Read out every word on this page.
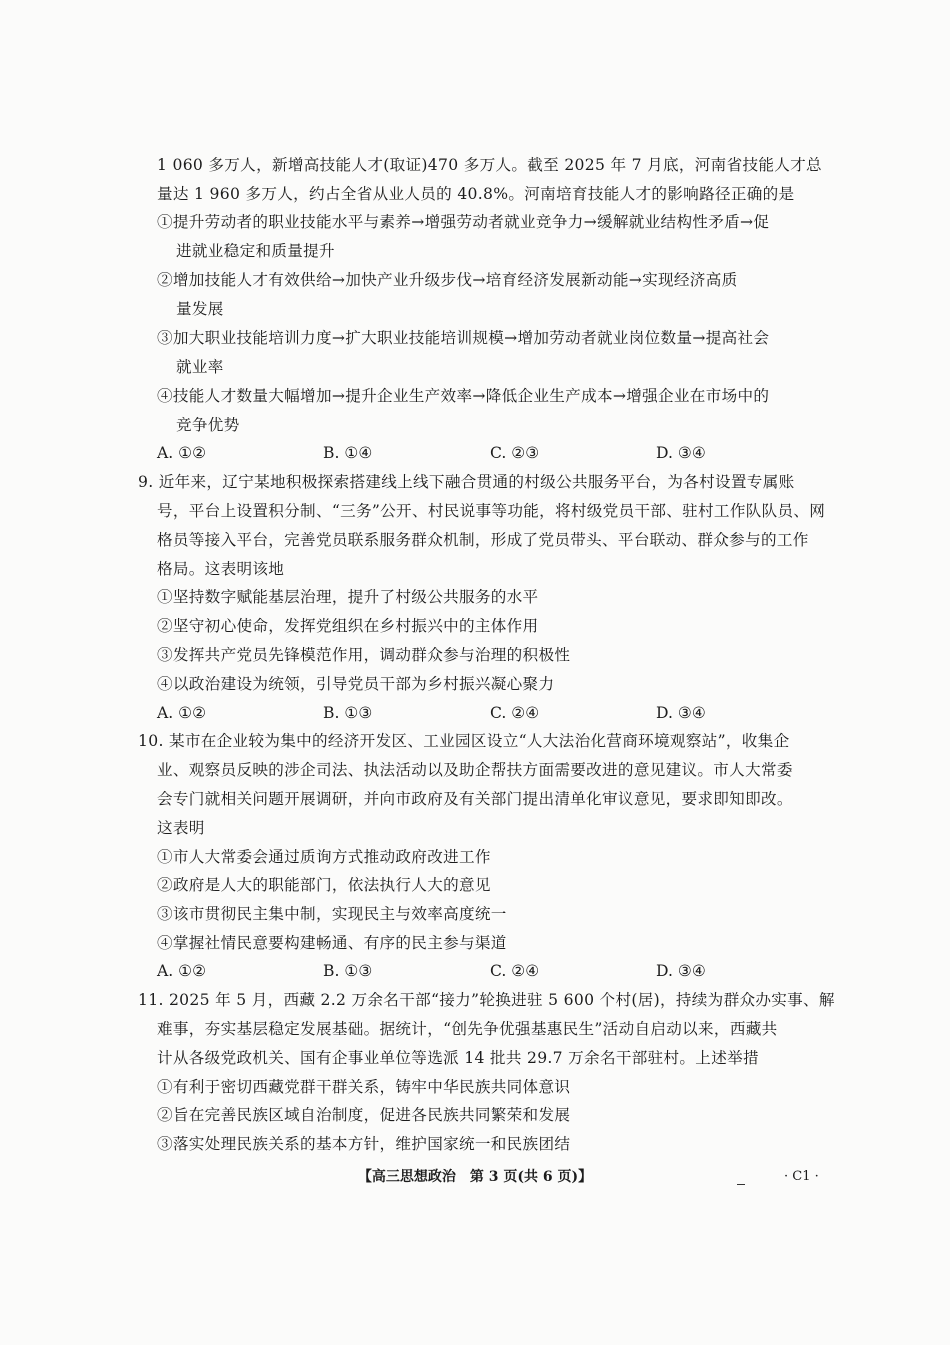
1 060 多万人，新增高技能人才(取证)470 多万人。截至 2025 年 7 月底，河南省技能人才总
量达 1 960 多万人，约占全省从业人员的 40.8%。河南培育技能人才的影响路径正确的是
①提升劳动者的职业技能水平与素养→增强劳动者就业竞争力→缓解就业结构性矛盾→促
进就业稳定和质量提升
②增加技能人才有效供给→加快产业升级步伐→培育经济发展新动能→实现经济高质
量发展
③加大职业技能培训力度→扩大职业技能培训规模→增加劳动者就业岗位数量→提高社会
就业率
④技能人才数量大幅增加→提升企业生产效率→降低企业生产成本→增强企业在市场中的
竞争优势
A. ①②	B. ①④	C. ②③	D. ③④
9. 近年来，辽宁某地积极探索搭建线上线下融合贯通的村级公共服务平台，为各村设置专属账
号，平台上设置积分制、“三务”公开、村民说事等功能，将村级党员干部、驻村工作队队员、网
格员等接入平台，完善党员联系服务群众机制，形成了党员带头、平台联动、群众参与的工作
格局。这表明该地
①坚持数字赋能基层治理，提升了村级公共服务的水平
②坚守初心使命，发挥党组织在乡村振兴中的主体作用
③发挥共产党员先锋模范作用，调动群众参与治理的积极性
④以政治建设为统领，引导党员干部为乡村振兴凝心聚力
A. ①②	B. ①③	C. ②④	D. ③④
10. 某市在企业较为集中的经济开发区、工业园区设立“人大法治化营商环境观察站”，收集企
业、观察员反映的涉企司法、执法活动以及助企帮扶方面需要改进的意见建议。市人大常委
会专门就相关问题开展调研，并向市政府及有关部门提出清单化审议意见，要求即知即改。
这表明
①市人大常委会通过质询方式推动政府改进工作
②政府是人大的职能部门，依法执行人大的意见
③该市贯彻民主集中制，实现民主与效率高度统一
④掌握社情民意要构建畅通、有序的民主参与渠道
A. ①②	B. ①③	C. ②④	D. ③④
11. 2025 年 5 月，西藏 2.2 万余名干部“接力”轮换进驻 5 600 个村(居)，持续为群众办实事、解
难事，夯实基层稳定发展基础。据统计，“创先争优强基惠民生”活动自启动以来，西藏共
计从各级党政机关、国有企事业单位等选派 14 批共 29.7 万余名干部驻村。上述举措
①有利于密切西藏党群干群关系，铸牢中华民族共同体意识
②旨在完善民族区域自治制度，促进各民族共同繁荣和发展
③落实处理民族关系的基本方针，维护国家统一和民族团结
【高三思想政治　第 3 页(共 6 页)】	· C1 ·
